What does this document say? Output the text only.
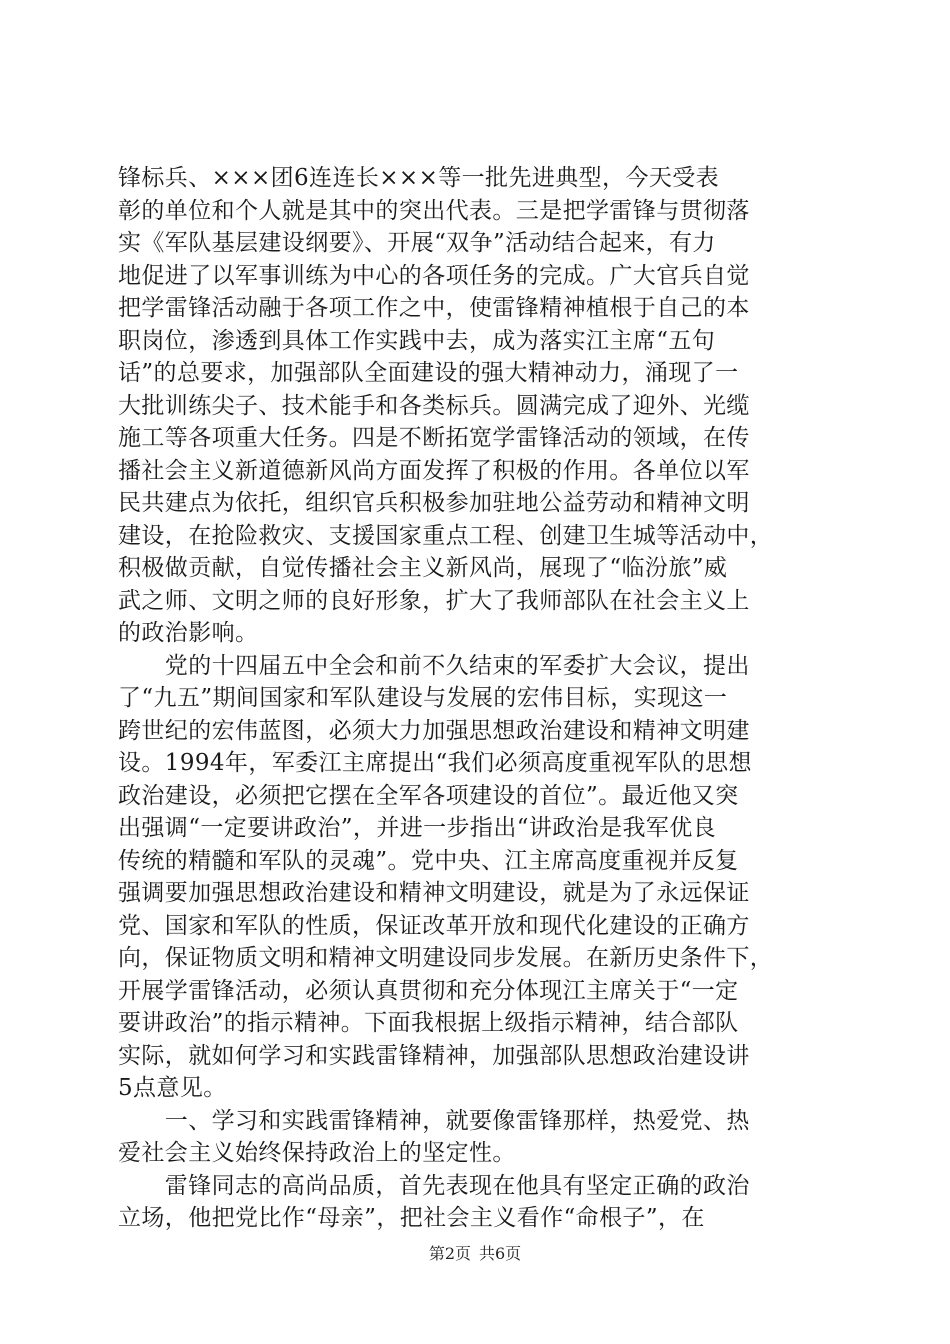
锋标兵、×××团6连连长×××等一批先进典型，今天受表
彰的单位和个人就是其中的突出代表。三是把学雷锋与贯彻落
实《军队基层建设纲要》、开展“双争”活动结合起来，有力
地促进了以军事训练为中心的各项任务的完成。广大官兵自觉
把学雷锋活动融于各项工作之中，使雷锋精神植根于自己的本
职岗位，渗透到具体工作实践中去，成为落实江主席“五句
话”的总要求，加强部队全面建设的强大精神动力，涌现了一
大批训练尖子、技术能手和各类标兵。圆满完成了迎外、光缆
施工等各项重大任务。四是不断拓宽学雷锋活动的领域，在传
播社会主义新道德新风尚方面发挥了积极的作用。各单位以军
民共建点为依托，组织官兵积极参加驻地公益劳动和精神文明
建设，在抢险救灾、支援国家重点工程、创建卫生城等活动中，
积极做贡献，自觉传播社会主义新风尚，展现了“临汾旅”威
武之师、文明之师的良好形象，扩大了我师部队在社会主义上
的政治影响。
　　党的十四届五中全会和前不久结束的军委扩大会议，提出
了“九五”期间国家和军队建设与发展的宏伟目标，实现这一
跨世纪的宏伟蓝图，必须大力加强思想政治建设和精神文明建
设。1994年，军委江主席提出“我们必须高度重视军队的思想
政治建设，必须把它摆在全军各项建设的首位”。最近他又突
出强调“一定要讲政治”，并进一步指出“讲政治是我军优良
传统的精髓和军队的灵魂”。党中央、江主席高度重视并反复
强调要加强思想政治建设和精神文明建设，就是为了永远保证
党、国家和军队的性质，保证改革开放和现代化建设的正确方
向，保证物质文明和精神文明建设同步发展。在新历史条件下，
开展学雷锋活动，必须认真贯彻和充分体现江主席关于“一定
要讲政治”的指示精神。下面我根据上级指示精神，结合部队
实际，就如何学习和实践雷锋精神，加强部队思想政治建设讲
5点意见。
　　一、学习和实践雷锋精神，就要像雷锋那样，热爱党、热
爱社会主义始终保持政治上的坚定性。
　　雷锋同志的高尚品质，首先表现在他具有坚定正确的政治
立场，他把党比作“母亲”，把社会主义看作“命根子”，在
第2页 共6页
